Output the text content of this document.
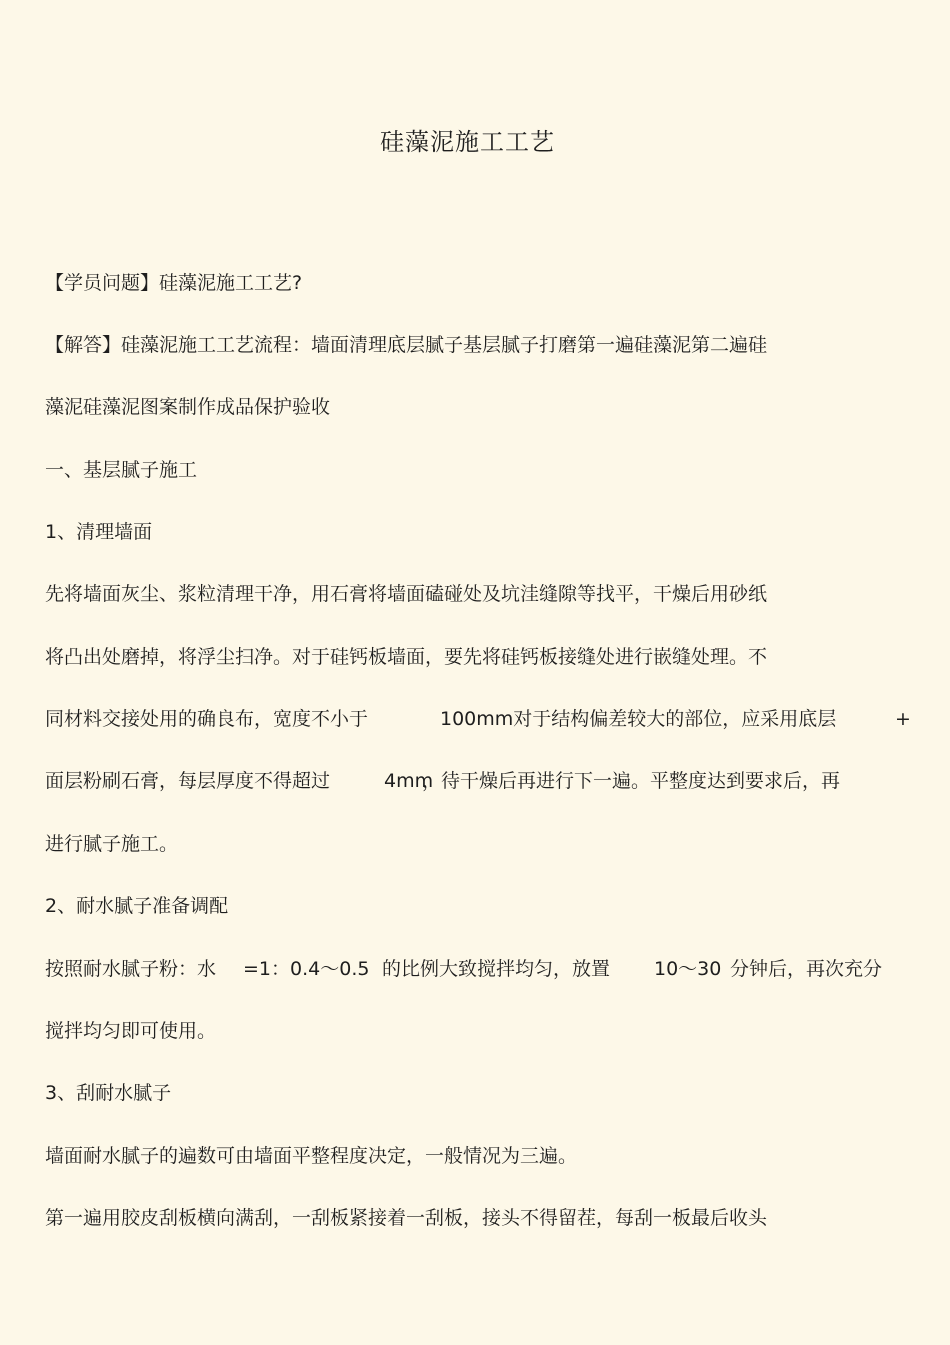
硅藻泥施工工艺
【学员问题】硅藻泥施工工艺?
【解答】硅藻泥施工工艺流程：墙面清理底层腻子基层腻子打磨第一遍硅藻泥第二遍硅
藻泥硅藻泥图案制作成品保护验收
一、基层腻子施工
1、清理墙面
先将墙面灰尘、浆粒清理干净，用石膏将墙面磕碰处及坑洼缝隙等找平，干燥后用砂纸
将凸出处磨掉，将浮尘扫净。对于硅钙板墙面，要先将硅钙板接缝处进行嵌缝处理。不
同材料交接处用的确良布，宽度不小于	100mm对于结构偏差较大的部位，应采用底层	+
面层粉刷石膏，每层厚度不得超过	4mm
，待干燥后再进行下一遍。平整度达到要求后，再
进行腻子施工。
2、耐水腻子准备调配
按照耐水腻子粉：水 =1：0.4～0.5 的比例大致搅拌均匀，放置 10～30 分钟后，再次充分
搅拌均匀即可使用。
3、刮耐水腻子
墙面耐水腻子的遍数可由墙面平整程度决定，一般情况为三遍。
第一遍用胶皮刮板横向满刮，一刮板紧接着一刮板，接头不得留茬，每刮一板最后收头
